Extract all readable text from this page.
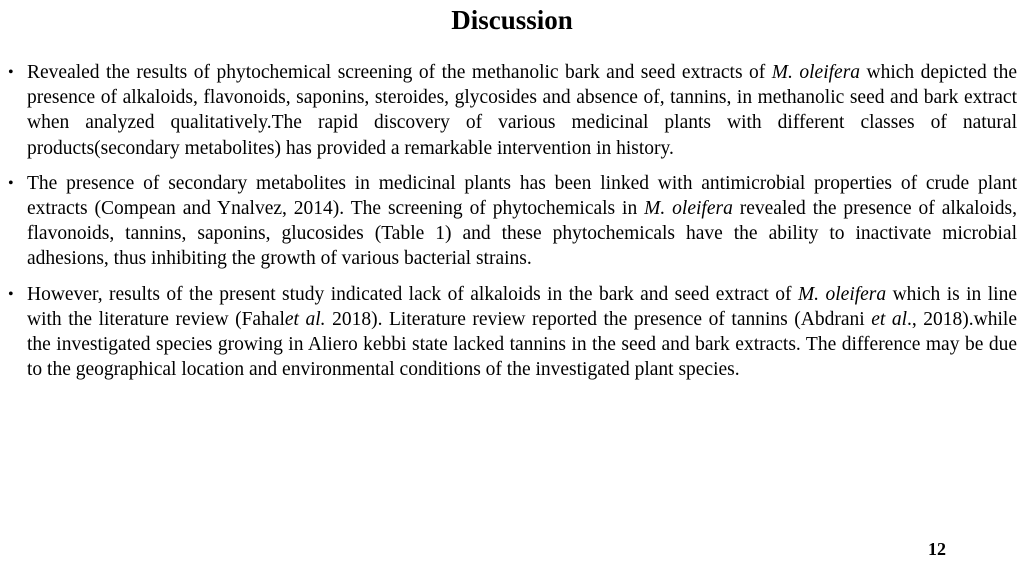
Discussion
• Revealed the results of phytochemical screening of the methanolic bark and seed extracts of M. oleifera which depicted the presence of alkaloids, flavonoids, saponins, steroides, glycosides and absence of, tannins, in methanolic seed and bark extract when analyzed qualitatively.The rapid discovery of various medicinal plants with different classes of natural products(secondary metabolites) has provided a remarkable intervention in history.
• The presence of secondary metabolites in medicinal plants has been linked with antimicrobial properties of crude plant extracts (Compean and Ynalvez, 2014). The screening of phytochemicals in M. oleifera revealed the presence of alkaloids, flavonoids, tannins, saponins, glucosides (Table 1) and these phytochemicals have the ability to inactivate microbial adhesions, thus inhibiting the growth of various bacterial strains.
• However, results of the present study indicated lack of alkaloids in the bark and seed extract of M. oleifera which is in line with the literature review (Fahalet al. 2018). Literature review reported the presence of tannins (Abdrani et al., 2018).while the investigated species growing in Aliero kebbi state lacked tannins in the seed and bark extracts. The difference may be due to the geographical location and environmental conditions of the investigated plant species.
12
